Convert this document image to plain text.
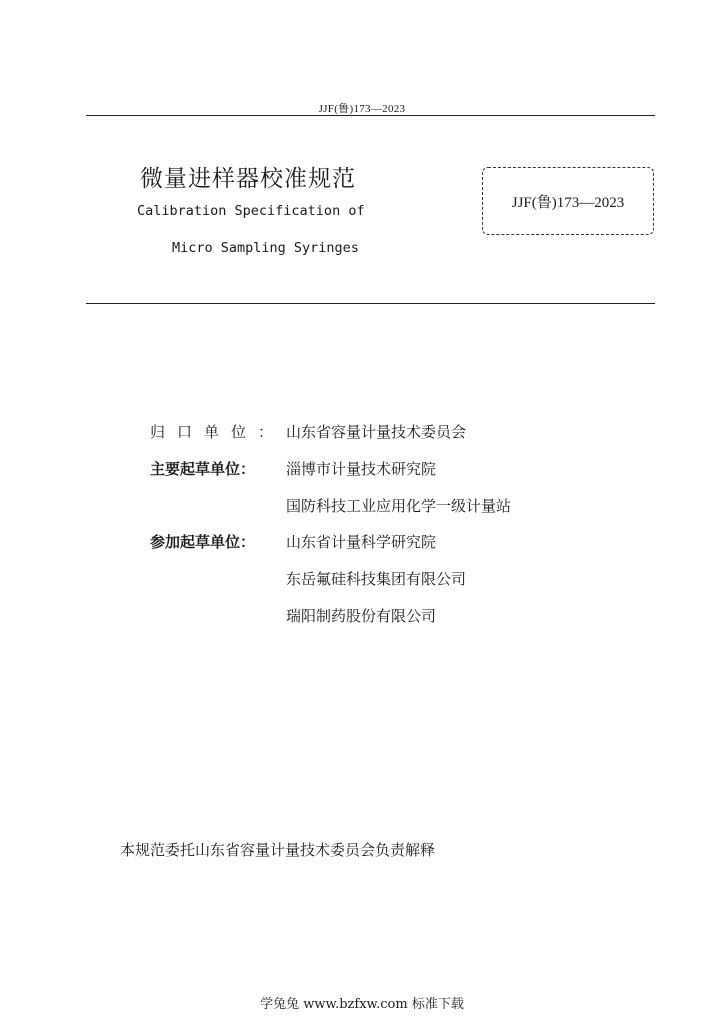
JJF(鲁)173—2023
微量进样器校准规范
Calibration Specification of
Micro Sampling Syringes
JJF(鲁)173—2023
归口单位： 山东省容量计量技术委员会
主要起草单位：	淄博市计量技术研究院
国防科技工业应用化学一级计量站
参加起草单位：	山东省计量科学研究院
东岳氟硅科技集团有限公司
瑞阳制药股份有限公司
本规范委托山东省容量计量技术委员会负责解释
学兔兔 www.bzfxw.com 标准下载
